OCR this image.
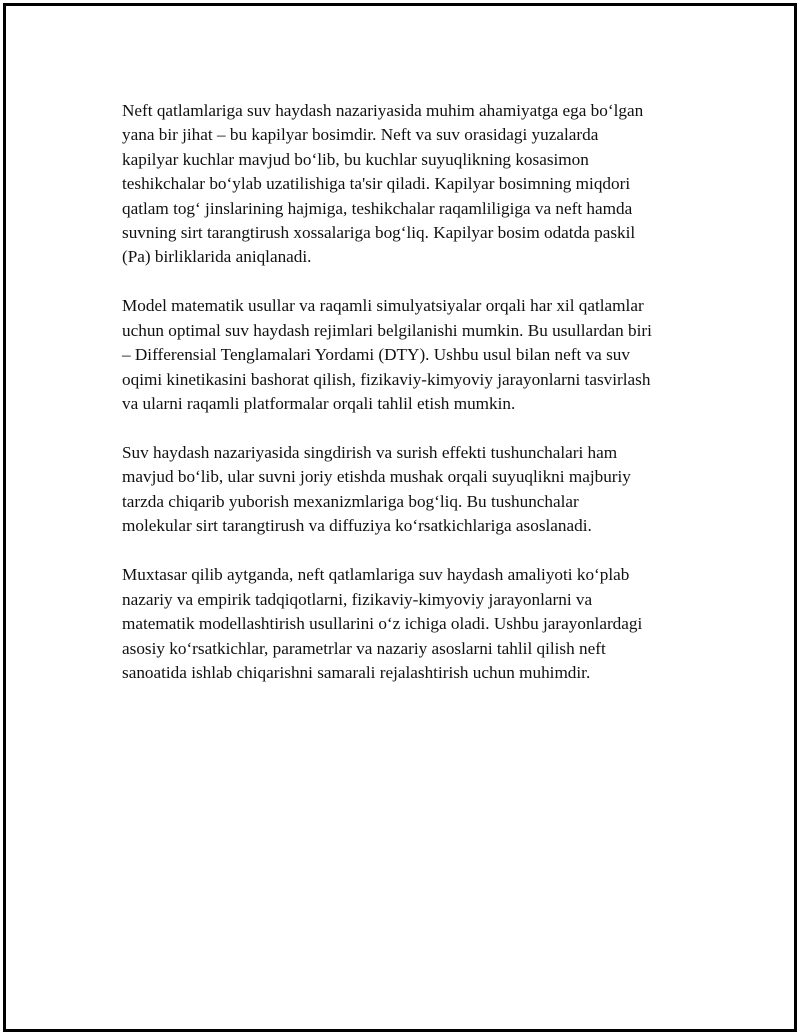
Neft qatlamlariga suv haydash nazariyasida muhim ahamiyatga ega bo‘lgan
yana bir jihat – bu kapilyar bosimdir. Neft va suv orasidagi yuzalarda
kapilyar kuchlar mavjud bo‘lib, bu kuchlar suyuqlikning kosasimon
teshikchalar bo‘ylab uzatilishiga ta'sir qiladi. Kapilyar bosimning miqdori
qatlam tog‘ jinslarining hajmiga, teshikchalar raqamliligiga va neft hamda
suvning sirt tarangtirush xossalariga bog‘liq. Kapilyar bosim odatda paskil
(Pa) birliklarida aniqlanadi.

Model matematik usullar va raqamli simulyatsiyalar orqali har xil qatlamlar
uchun optimal suv haydash rejimlari belgilanishi mumkin. Bu usullardan biri
– Differensial Tenglamalari Yordami (DTY). Ushbu usul bilan neft va suv
oqimi kinetikasini bashorat qilish, fizikaviy-kimyoviy jarayonlarni tasvirlash
va ularni raqamli platformalar orqali tahlil etish mumkin.

Suv haydash nazariyasida singdirish va surish effekti tushunchalari ham
mavjud bo‘lib, ular suvni joriy etishda mushak orqali suyuqlikni majburiy
tarzda chiqarib yuborish mexanizmlariga bog‘liq. Bu tushunchalar
molekular sirt tarangtirush va diffuziya ko‘rsatkichlariga asoslanadi.

Muxtasar qilib aytganda, neft qatlamlariga suv haydash amaliyoti ko‘plab
nazariy va empirik tadqiqotlarni, fizikaviy-kimyoviy jarayonlarni va
matematik modellashtirish usullarini o‘z ichiga oladi. Ushbu jarayonlardagi
asosiy ko‘rsatkichlar, parametrlar va nazariy asoslarni tahlil qilish neft
sanoatida ishlab chiqarishni samarali rejalashtirish uchun muhimdir.
